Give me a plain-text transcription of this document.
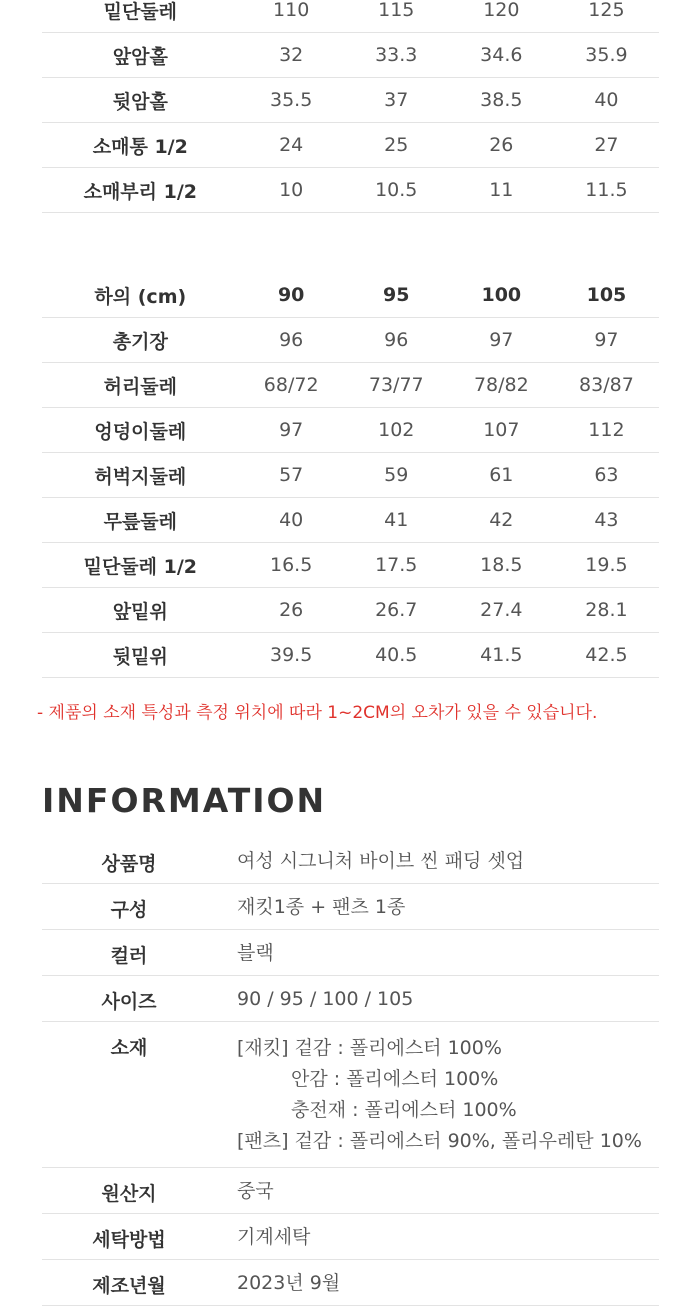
밑단둘레	110	115	120	125
앞암홀	32	33.3	34.6	35.9
뒷암홀	35.5	37	38.5	40
소매통 1/2	24	25	26	27
소매부리 1/2	10	10.5	11	11.5
하의 (cm)	90	95	100	105
총기장	96	96	97	97
허리둘레	68/72	73/77	78/82	83/87
엉덩이둘레	97	102	107	112
허벅지둘레	57	59	61	63
무릎둘레	40	41	42	43
밑단둘레 1/2	16.5	17.5	18.5	19.5
앞밑위	26	26.7	27.4	28.1
뒷밑위	39.5	40.5	41.5	42.5
- 제품의 소재 특성과 측정 위치에 따라 1~2CM의 오차가 있을 수 있습니다.
INFORMATION
상품명	여성 시그니처 바이브 씬 패딩 셋업
구성	재킷1종 + 팬츠 1종
컬러	블랙
사이즈	90 / 95 / 100 / 105
소재	[재킷] 겉감 : 폴리에스터 100%
안감 : 폴리에스터 100%
충전재 : 폴리에스터 100%
[팬츠] 겉감 : 폴리에스터 90%, 폴리우레탄 10%

원산지	중국
세탁방법	기계세탁
제조년월	2023년 9월
